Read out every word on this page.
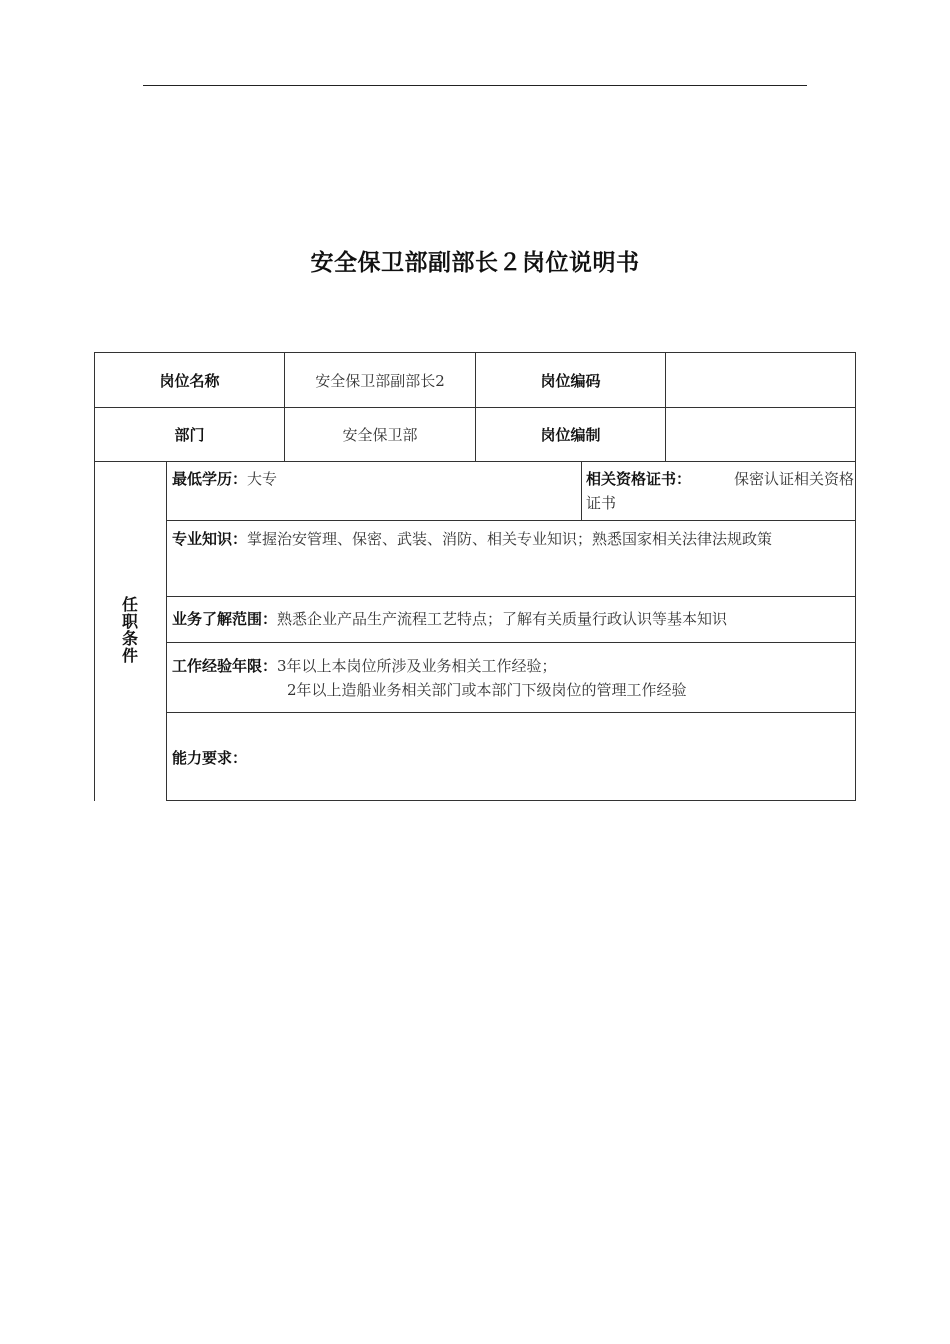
安全保卫部副部长２岗位说明书
岗位名称	安全保卫部副部长2	岗位编码
部门	安全保卫部	岗位编制
任
职
条
件
最低学历：大专	相关资格证书：	保密认证相关资格
证书
专业知识：掌握治安管理、保密、武装、消防、相关专业知识；熟悉国家相关法律法规政策
业务了解范围：熟悉企业产品生产流程工艺特点；了解有关质量行政认识等基本知识
工作经验年限：3年以上本岗位所涉及业务相关工作经验；
2年以上造船业务相关部门或本部门下级岗位的管理工作经验
能力要求：
